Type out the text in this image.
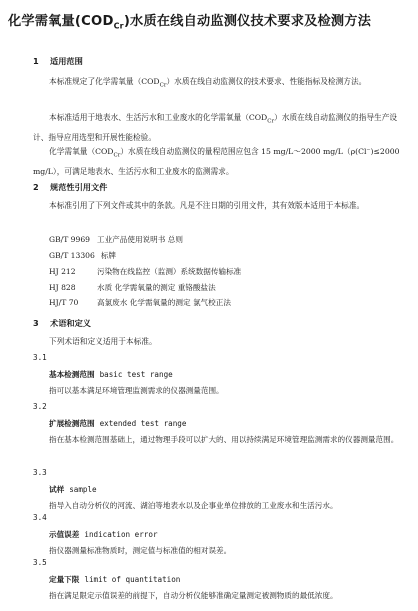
化学需氧量$(COD_{Cr})$水质在线自动监测仪技术要求及检测方法
1 适用范围

本标准规定了化学需氧量$(COD_{Cr})$水质在线自动监测仪的技术要求、性能指标及检测方法。

本标准适用于地表水、生活污水和工业废水的化学需氧量$(COD_{Cr})$水质在线自动监测仪的指导生产设计、指导应用选型和开展性能检验。

化学需氧量$(COD_{Cr})$水质在线自动监测仪的量程范围应包含 15 mg/L～2000 mg/L（ρ(Cl⁻)≤2000 mg/L），可满足地表水、生活污水和工业废水的监测需求。

2 规范性引用文件

本标准引用了下列文件或其中的条款。凡是不注日期的引用文件，其有效版本适用于本标准。

GB/T 9969 工业产品使用说明书 总则
GB/T 13306 标牌
HJ 212	污染物在线监控（监测）系统数据传输标准
HJ 828	水质 化学需氧量的测定 重铬酸盐法
HJ/T 70 高氯废水 化学需氧量的测定 氯气校正法
3 术语和定义

下列术语和定义适用于本标准。

3.1
基本检测范围 basic test range
指可以基本满足环境管理监测需求的仪器测量范围。
3.2
扩展检测范围 extended test range
指在基本检测范围基础上，通过物理手段可以扩大的、用以持续满足环境管理监测需求的仪器测量范围。
3.3
试样 sample
指导入自动分析仪的河流、湖泊等地表水以及企事业单位排放的工业废水和生活污水。
3.4
示值误差 indication error
指仪器测量标准物质时，测定值与标准值的相对误差。
3.5
定量下限 limit of quantitation
指在满足限定示值误差的前提下，自动分析仪能够准确定量测定被测物质的最低浓度。
